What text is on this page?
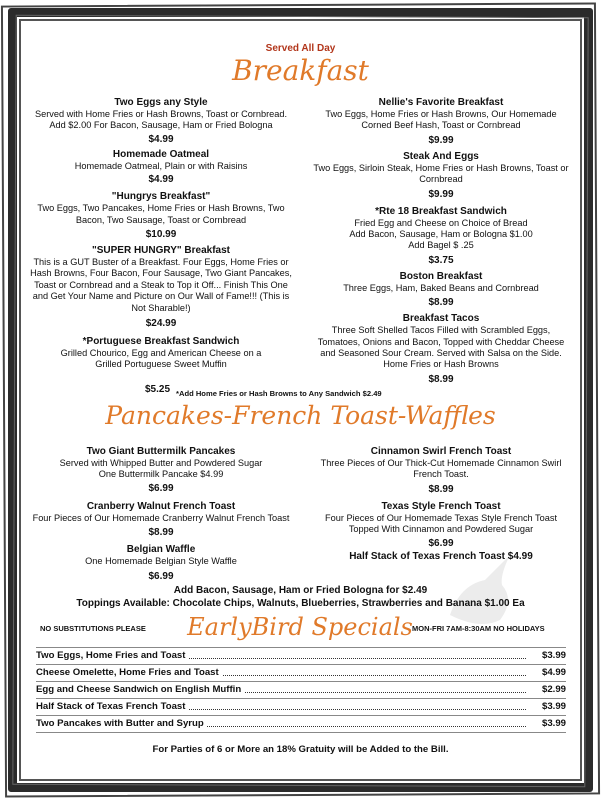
Served All Day
Breakfast
Two Eggs any Style
Served with Home Fries or Hash Browns, Toast or Cornbread. Add $2.00 For Bacon, Sausage, Ham or Fried Bologna
$4.99
Homemade Oatmeal
Homemade Oatmeal, Plain or with Raisins
$4.99
"Hungrys Breakfast"
Two Eggs, Two Pancakes, Home Fries or Hash Browns, Two Bacon, Two Sausage, Toast or Cornbread
$10.99
"SUPER HUNGRY" Breakfast
This is a GUT Buster of a Breakfast. Four Eggs, Home Fries or Hash Browns, Four Bacon, Four Sausage, Two Giant Pancakes, Toast or Cornbread and a Steak to Top it Off... Finish This One and Get Your Name and Picture on Our Wall of Fame!!! (This is Not Sharable!)
$24.99
*Portuguese Breakfast Sandwich
Grilled Chourico, Egg and American Cheese on a Grilled Portuguese Sweet Muffin
$5.25 *Add Home Fries or Hash Browns to Any Sandwich $2.49
Nellie's Favorite Breakfast
Two Eggs, Home Fries or Hash Browns, Our Homemade Corned Beef Hash, Toast or Cornbread
$9.99
Steak And Eggs
Two Eggs, Sirloin Steak, Home Fries or Hash Browns, Toast or Cornbread
$9.99
*Rte 18 Breakfast Sandwich
Fried Egg and Cheese on Choice of Bread
Add Bacon, Sausage, Ham or Bologna $1.00
Add Bagel $ .25
$3.75
Boston Breakfast
Three Eggs, Ham, Baked Beans and Cornbread
$8.99
Breakfast Tacos
Three Soft Shelled Tacos Filled with Scrambled Eggs, Tomatoes, Onions and Bacon, Topped with Cheddar Cheese and Seasoned Sour Cream. Served with Salsa on the Side. Home Fries or Hash Browns
$8.99
Pancakes-French Toast-Waffles
Two Giant Buttermilk Pancakes
Served with Whipped Butter and Powdered Sugar
One Buttermilk Pancake $4.99
$6.99
Cranberry Walnut French Toast
Four Pieces of Our Homemade Cranberry Walnut French Toast
$8.99
Belgian Waffle
One Homemade Belgian Style Waffle
$6.99
Cinnamon Swirl French Toast
Three Pieces of Our Thick-Cut Homemade Cinnamon Swirl French Toast.
$8.99
Texas Style French Toast
Four Pieces of Our Homemade Texas Style French Toast Topped With Cinnamon and Powdered Sugar
$6.99
Half Stack of Texas French Toast $4.99
Add Bacon, Sausage, Ham or Fried Bologna for $2.49
Toppings Available: Chocolate Chips, Walnuts, Blueberries, Strawberries and Banana $1.00 Ea
NO SUBSTITUTIONS PLEASE EarlyBird Specials MON-FRI 7AM-8:30AM NO HOLIDAYS
Two Eggs, Home Fries and Toast	$3.99
Cheese Omelette, Home Fries and Toast	$4.99
Egg and Cheese Sandwich on English Muffin	$2.99
Half Stack of Texas French Toast	$3.99
Two Pancakes with Butter and Syrup	$3.99
For Parties of 6 or More an 18% Gratuity will be Added to the Bill.
